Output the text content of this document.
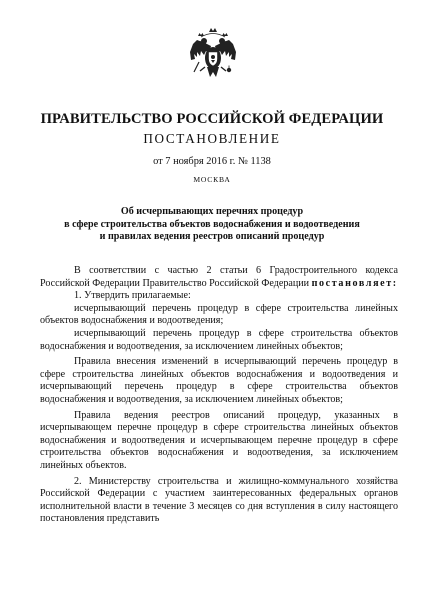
ПРАВИТЕЛЬСТВО РОССИЙСКОЙ ФЕДЕРАЦИИ
ПОСТАНОВЛЕНИЕ
от 7 ноября 2016 г. № 1138
МОСКВА
Об исчерпывающих перечнях процедур
в сфере строительства объектов водоснабжения и водоотведения
и правилах ведения реестров описаний процедур

В соответствии с частью 2 статьи 6 Градостроительного кодекса Российской Федерации Правительство Российской Федерации постановляет:

1. Утвердить прилагаемые:

исчерпывающий перечень процедур в сфере строительства линейных объектов водоснабжения и водоотведения;

исчерпывающий перечень процедур в сфере строительства объектов водоснабжения и водоотведения, за исключением линейных объектов;

Правила внесения изменений в исчерпывающий перечень процедур в сфере строительства линейных объектов водоснабжения и водоотведения и исчерпывающий перечень процедур в сфере строительства объектов водоснабжения и водоотведения, за исключением линейных объектов;

Правила ведения реестров описаний процедур, указанных в исчерпывающем перечне процедур в сфере строительства линейных объектов водоснабжения и водоотведения и исчерпывающем перечне процедур в сфере строительства объектов водоснабжения и водоотведения, за исключением линейных объектов.

2. Министерству строительства и жилищно-коммунального хозяйства Российской Федерации с участием заинтересованных федеральных органов исполнительной власти в течение 3 месяцев со дня вступления в силу настоящего постановления представить
